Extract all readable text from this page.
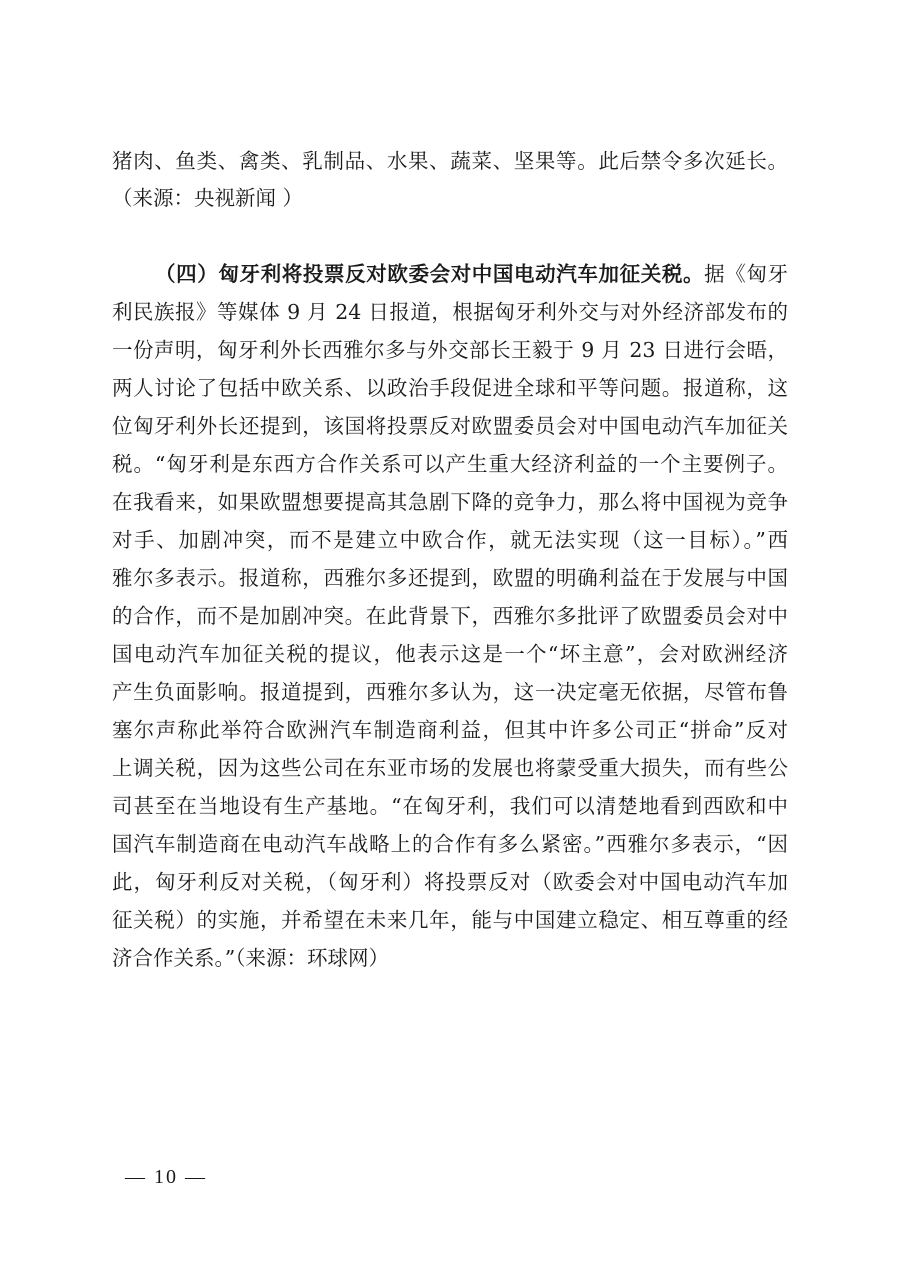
猪肉、鱼类、禽类、乳制品、水果、蔬菜、坚果等。此后禁令多次延长。
（来源：央视新闻 ）
（四）匈牙利将投票反对欧委会对中国电动汽车加征关税。据《匈牙
利民族报》等媒体 9 月 24 日报道，根据匈牙利外交与对外经济部发布的
一份声明，匈牙利外长西雅尔多与外交部长王毅于 9 月 23 日进行会晤，
两人讨论了包括中欧关系、以政治手段促进全球和平等问题。报道称，这
位匈牙利外长还提到，该国将投票反对欧盟委员会对中国电动汽车加征关
税。“匈牙利是东西方合作关系可以产生重大经济利益的一个主要例子。
在我看来，如果欧盟想要提高其急剧下降的竞争力，那么将中国视为竞争
对手、加剧冲突，而不是建立中欧合作，就无法实现（这一目标）。”西
雅尔多表示。报道称，西雅尔多还提到，欧盟的明确利益在于发展与中国
的合作，而不是加剧冲突。在此背景下，西雅尔多批评了欧盟委员会对中
国电动汽车加征关税的提议，他表示这是一个“坏主意”，会对欧洲经济
产生负面影响。报道提到，西雅尔多认为，这一决定毫无依据，尽管布鲁
塞尔声称此举符合欧洲汽车制造商利益，但其中许多公司正“拼命”反对
上调关税，因为这些公司在东亚市场的发展也将蒙受重大损失，而有些公
司甚至在当地设有生产基地。“在匈牙利，我们可以清楚地看到西欧和中
国汽车制造商在电动汽车战略上的合作有多么紧密。”西雅尔多表示，“因
此，匈牙利反对关税，（匈牙利）将投票反对（欧委会对中国电动汽车加
征关税）的实施，并希望在未来几年，能与中国建立稳定、相互尊重的经
济合作关系。”（来源：环球网）
— 10 —
